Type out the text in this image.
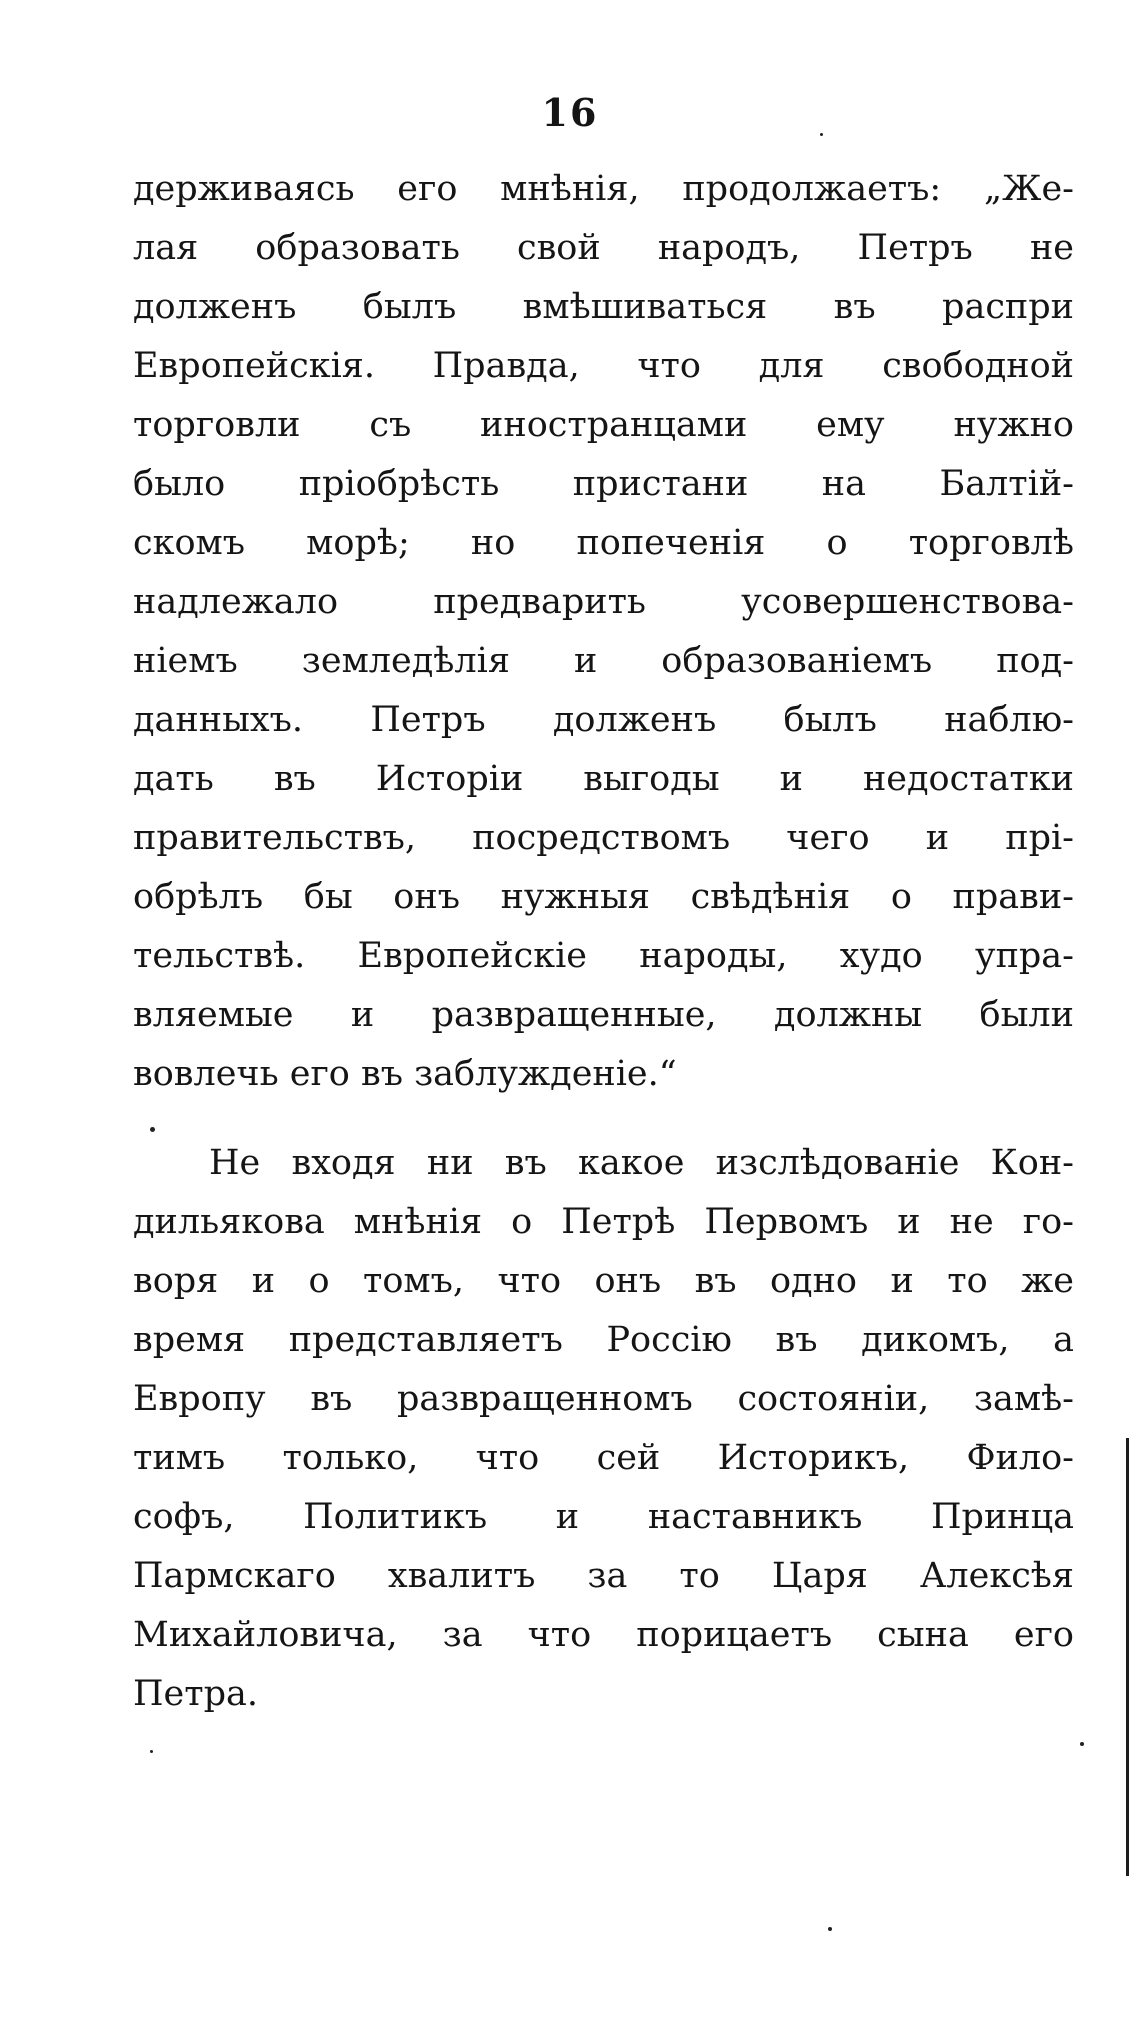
16
держиваясь его мнѣнія, продолжаетъ: „Же-
лая образовать свой народъ, Петръ не
долженъ былъ вмѣшиваться въ распри
Европейскія. Правда, что для свободной
торговли съ иностранцами ему нужно
было пріобрѣсть пристани на Балтій-
скомъ морѣ; но попеченія о торговлѣ
надлежало предварить усовершенствова-
ніемъ земледѣлія и образованіемъ под-
данныхъ. Петръ долженъ былъ наблю-
дать въ Исторіи выгоды и недостатки
правительствъ, посредствомъ чего и прі-
обрѣлъ бы онъ нужныя свѣдѣнія о прави-
тельствѣ. Европейскіе народы, худо упра-
вляемые и развращенные, должны были
вовлечь его въ заблужденіе.“
Не входя ни въ какое изслѣдованіе Кон-
дильякова мнѣнія о Петрѣ Первомъ и не го-
воря и о томъ, что онъ въ одно и то же
время представляетъ Россію въ дикомъ, а
Европу въ развращенномъ состояніи, замѣ-
тимъ только, что сей Историкъ, Фило-
софъ, Политикъ и наставникъ Принца
Пармскаго хвалитъ за то Царя Алексѣя
Михайловича, за что порицаетъ сына его
Петра.
